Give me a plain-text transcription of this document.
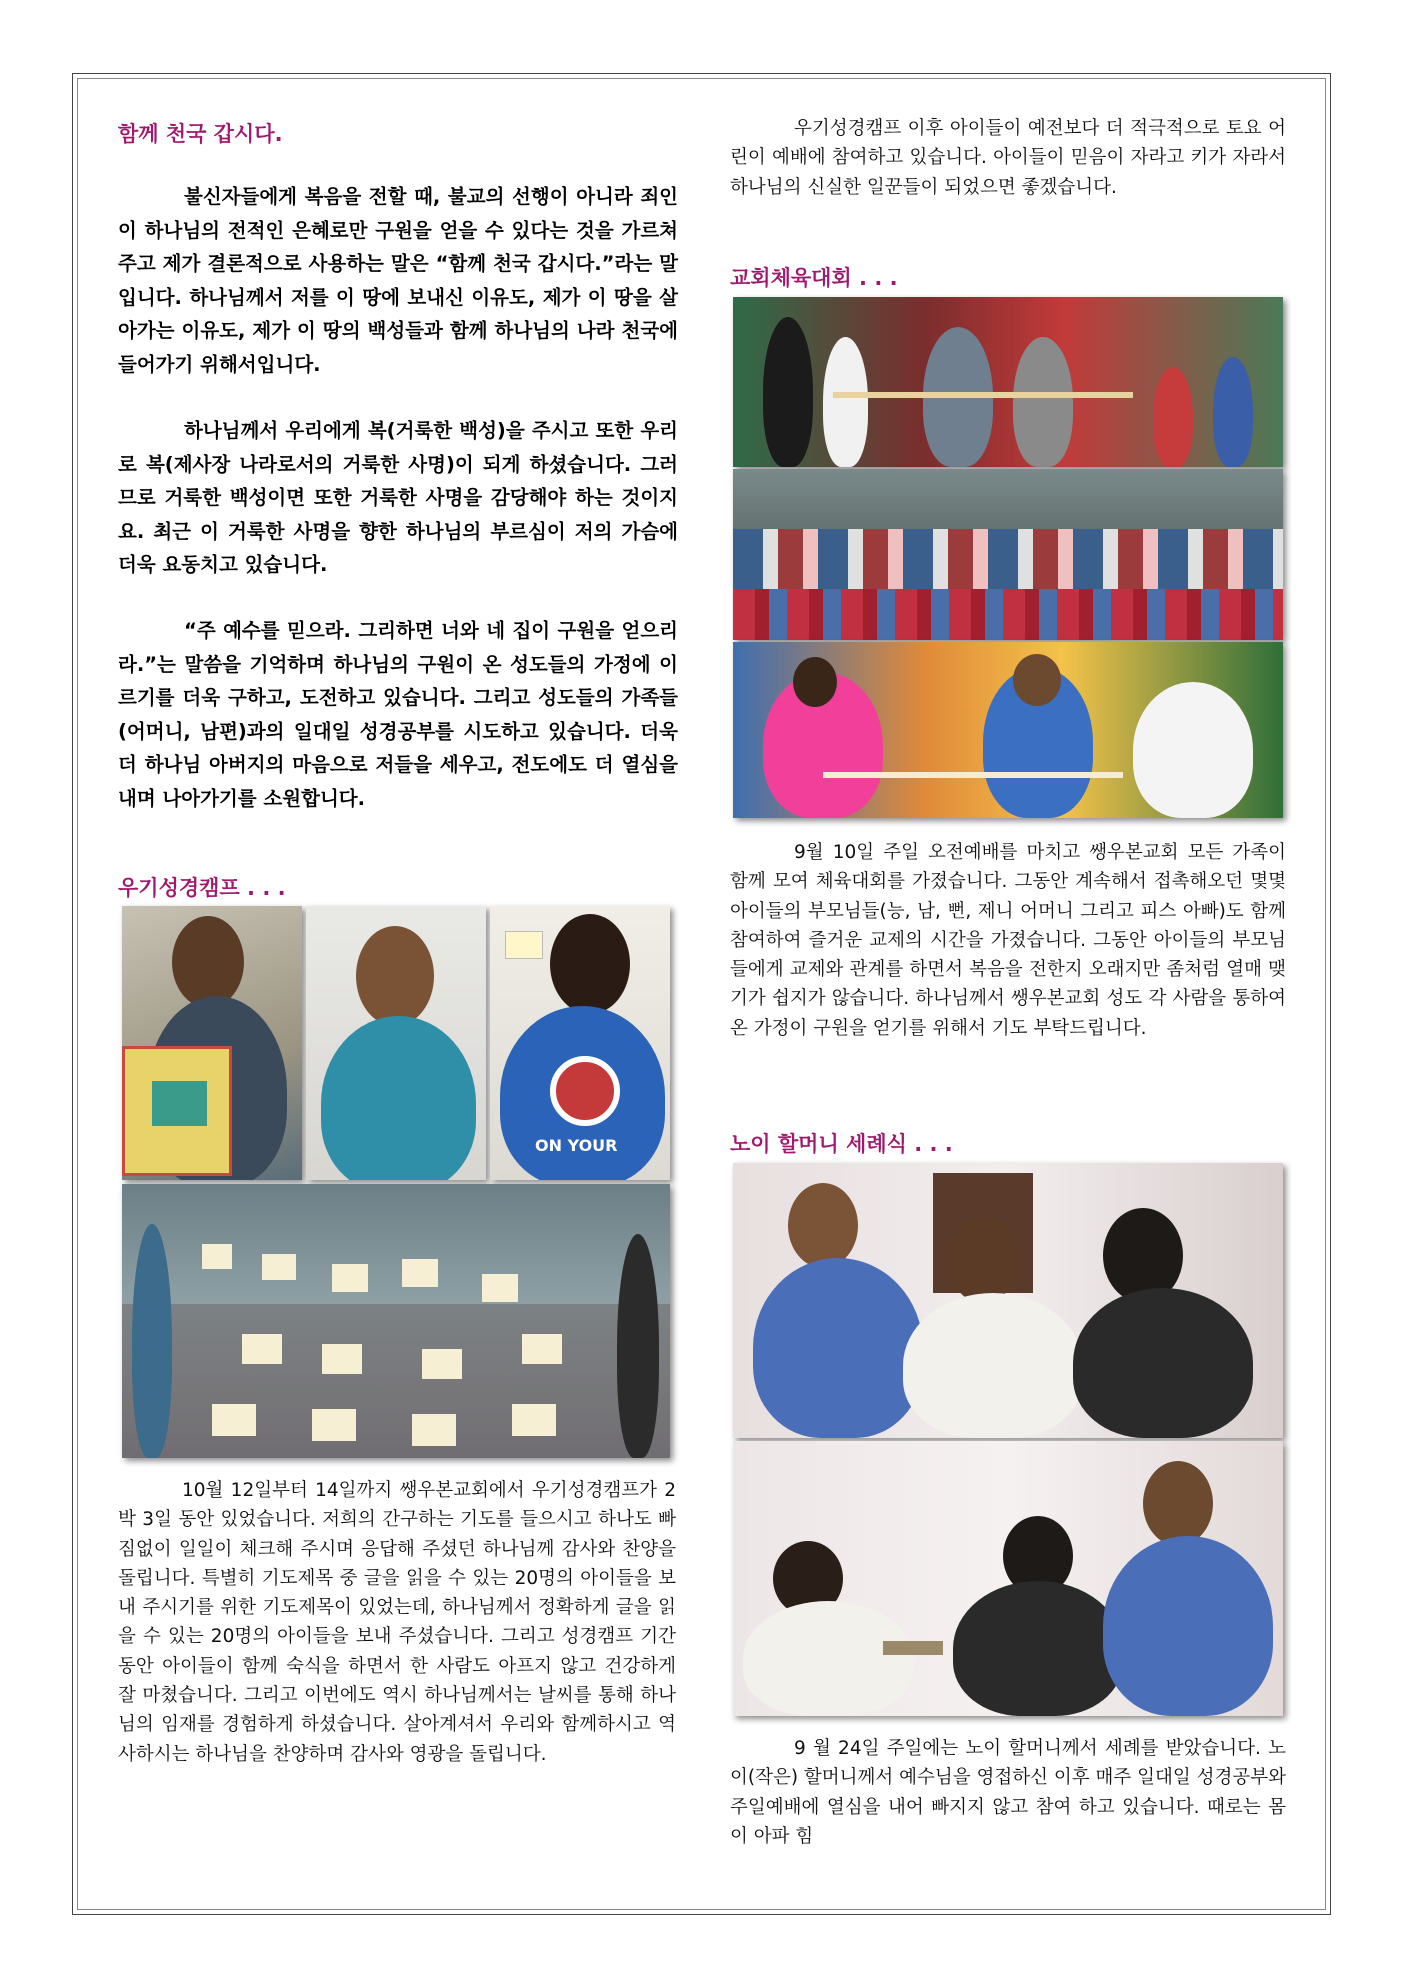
함께 천국 갑시다.

불신자들에게 복음을 전할 때, 불교의 선행이 아니라 죄인이 하나님의 전적인 은혜로만 구원을 얻을 수 있다는 것을 가르쳐주고 제가 결론적으로 사용하는 말은 “함께 천국 갑시다.”라는 말입니다. 하나님께서 저를 이 땅에 보내신 이유도, 제가 이 땅을 살아가는 이유도, 제가 이 땅의 백성들과 함께 하나님의 나라 천국에 들어가기 위해서입니다.

하나님께서 우리에게 복(거룩한 백성)을 주시고 또한 우리로 복(제사장 나라로서의 거룩한 사명)이 되게 하셨습니다. 그러므로 거룩한 백성이면 또한 거룩한 사명을 감당해야 하는 것이지요. 최근 이 거룩한 사명을 향한 하나님의 부르심이 저의 가슴에 더욱 요동치고 있습니다.

“주 예수를 믿으라. 그리하면 너와 네 집이 구원을 얻으리라.”는 말씀을 기억하며 하나님의 구원이 온 성도들의 가정에 이르기를 더욱 구하고, 도전하고 있습니다. 그리고 성도들의 가족들(어머니, 남편)과의 일대일 성경공부를 시도하고 있습니다. 더욱 더 하나님 아버지의 마음으로 저들을 세우고, 전도에도 더 열심을 내며 나아가기를 소원합니다.

우기성경캠프 . . .
ON YOUR

10월 12일부터 14일까지 쌩우본교회에서 우기성경캠프가 2박 3일 동안 있었습니다. 저희의 간구하는 기도를 들으시고 하나도 빠짐없이 일일이 체크해 주시며 응답해 주셨던 하나님께 감사와 찬양을 돌립니다. 특별히 기도제목 중 글을 읽을 수 있는 20명의 아이들을 보내 주시기를 위한 기도제목이 있었는데, 하나님께서 정확하게 글을 읽을 수 있는 20명의 아이들을 보내 주셨습니다. 그리고 성경캠프 기간 동안 아이들이 함께 숙식을 하면서 한 사람도 아프지 않고 건강하게 잘 마쳤습니다. 그리고 이번에도 역시 하나님께서는 날씨를 통해 하나님의 임재를 경험하게 하셨습니다. 살아계셔서 우리와 함께하시고 역사하시는 하나님을 찬양하며 감사와 영광을 돌립니다.

우기성경캠프 이후 아이들이 예전보다 더 적극적으로 토요 어린이 예배에 참여하고 있습니다. 아이들이 믿음이 자라고 키가 자라서 하나님의 신실한 일꾼들이 되었으면 좋겠습니다.

교회체육대회 . . .

9월 10일 주일 오전예배를 마치고 쌩우본교회 모든 가족이 함께 모여 체육대회를 가졌습니다. 그동안 계속해서 접촉해오던 몇몇 아이들의 부모님들(능, 남, 뻔, 제니 어머니 그리고 피스 아빠)도 함께 참여하여 즐거운 교제의 시간을 가졌습니다. 그동안 아이들의 부모님들에게 교제와 관계를 하면서 복음을 전한지 오래지만 좀처럼 열매 맺기가 쉽지가 않습니다. 하나님께서 쌩우본교회 성도 각 사람을 통하여 온 가정이 구원을 얻기를 위해서 기도 부탁드립니다.

노이 할머니 세례식 . . .

9 월 24일 주일에는 노이 할머니께서 세례를 받았습니다. 노이(작은) 할머니께서 예수님을 영접하신 이후 매주 일대일 성경공부와 주일예배에 열심을 내어 빠지지 않고 참여 하고 있습니다. 때로는 몸이 아파 힘
